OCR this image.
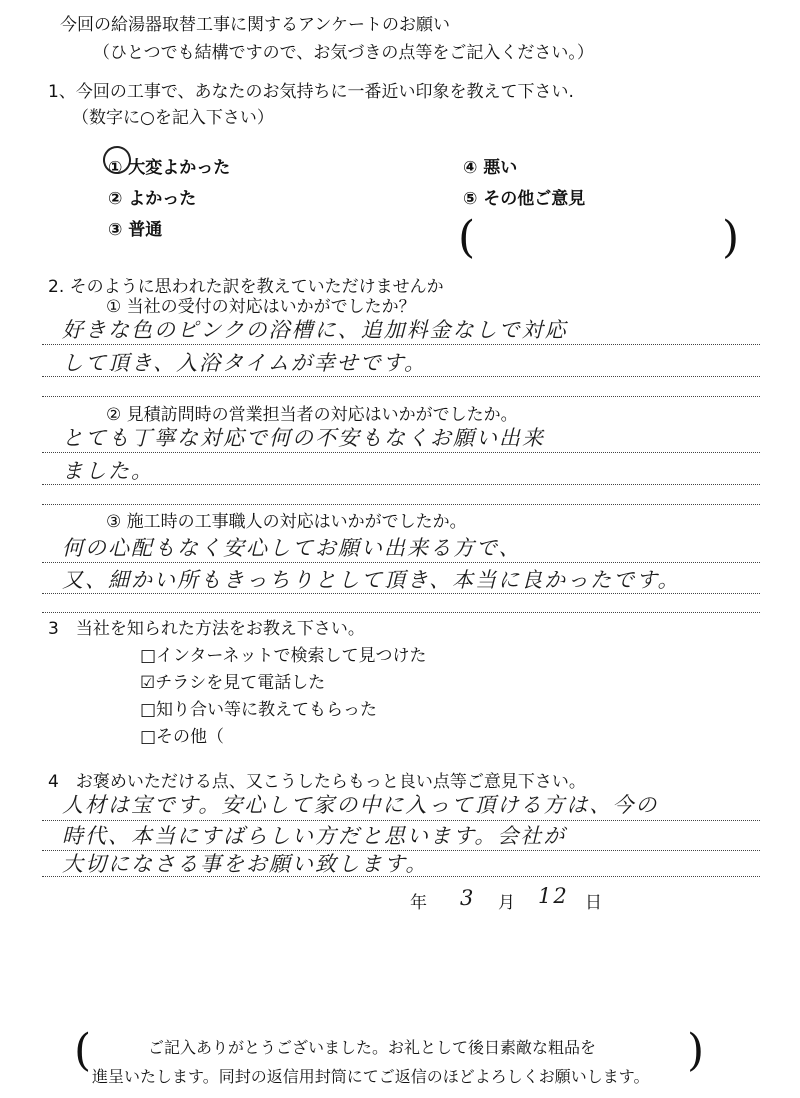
今回の給湯器取替工事に関するアンケートのお願い
（ひとつでも結構ですので、お気づきの点等をご記入ください。）
1、今回の工事で、あなたのお気持ちに一番近い印象を教えて下さい.
（数字に○を記入下さい）
① 大変よかった
② よかった
③ 普通
④ 悪い
⑤ その他ご意見
(	)
2. そのように思われた訳を教えていただけませんか
① 当社の受付の対応はいかがでしたか？
好きな色のピンクの浴槽に、追加料金なしで対応
して頂き、入浴タイムが幸せです。
② 見積訪問時の営業担当者の対応はいかがでしたか。
とても丁寧な対応で何の不安もなくお願い出来
ました。
③ 施工時の工事職人の対応はいかがでしたか。
何の心配もなく安心してお願い出来る方で、
又、細かい所もきっちりとして頂き、本当に良かったです。
3　当社を知られた方法をお教え下さい。
□インターネットで検索して見つけた
☑チラシを見て電話した
□知り合い等に教えてもらった
□その他（
4　お褒めいただける点、又こうしたらもっと良い点等ご意見下さい。
人材は宝です。安心して家の中に入って頂ける方は、今の
時代、本当にすばらしい方だと思います。会社が
大切になさる事をお願い致します。
年 3 月 12 日
(	)
ご記入ありがとうございました。お礼として後日素敵な粗品を
進呈いたします。同封の返信用封筒にてご返信のほどよろしくお願いします。
